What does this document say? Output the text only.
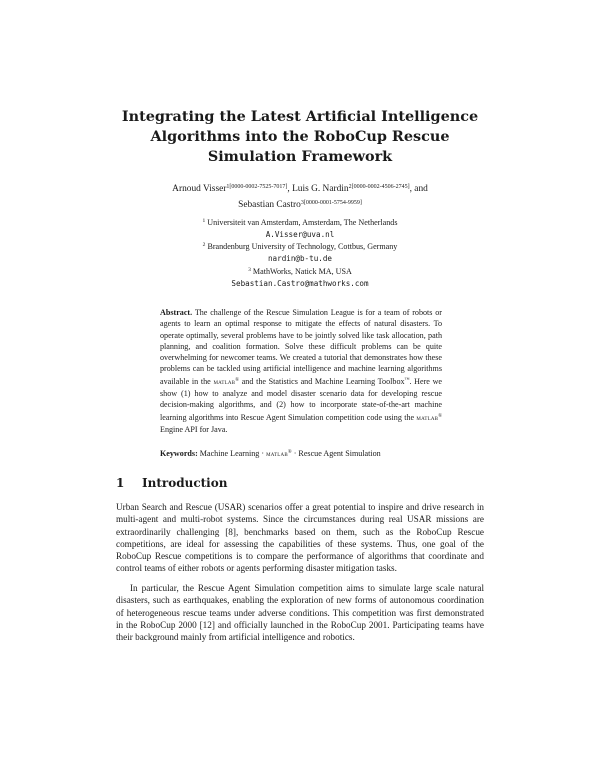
Integrating the Latest Artificial Intelligence
Algorithms into the RoboCup Rescue
Simulation Framework
Arnoud Visser$^{1[0000-0002-7525-7017]}$, Luis G. Nardin$^{2[0000-0002-4506-2745]}$, and
Sebastian Castro$^{3[0000-0001-5754-9959]}$
$^1$ Universiteit van Amsterdam, Amsterdam, The Netherlands
A.Visser@uva.nl
$^2$ Brandenburg University of Technology, Cottbus, Germany
nardin@b-tu.de
$^3$ MathWorks, Natick MA, USA
Sebastian.Castro@mathworks.com

Abstract. The challenge of the Rescue Simulation League is for a team of robots or agents to learn an optimal response to mitigate the effects of natural disasters. To operate optimally, several problems have to be jointly solved like task allocation, path planning, and coalition formation. Solve these difficult problems can be quite overwhelming for newcomer teams. We created a tutorial that demonstrates how these problems can be tackled using artificial intelligence and machine learning algorithms available in the matlab® and the Statistics and Machine Learning Toolbox™. Here we show (1) how to analyze and model disaster scenario data for developing rescue decision-making algorithms, and (2) how to incorporate state-of-the-art machine learning algorithms into Rescue Agent Simulation competition code using the matlab® Engine API for Java.

Keywords: Machine Learning · matlab® · Rescue Agent Simulation

1 Introduction

Urban Search and Rescue (USAR) scenarios offer a great potential to inspire and drive research in multi-agent and multi-robot systems. Since the circumstances during real USAR missions are extraordinarily challenging [8], benchmarks based on them, such as the RoboCup Rescue competitions, are ideal for assessing the capabilities of these systems. Thus, one goal of the RoboCup Rescue competitions is to compare the performance of algorithms that coordinate and control teams of either robots or agents performing disaster mitigation tasks.

In particular, the Rescue Agent Simulation competition aims to simulate large scale natural disasters, such as earthquakes, enabling the exploration of new forms of autonomous coordination of heterogeneous rescue teams under adverse conditions. This competition was first demonstrated in the RoboCup 2000 [12] and officially launched in the RoboCup 2001. Participating teams have their background mainly from artificial intelligence and robotics.
